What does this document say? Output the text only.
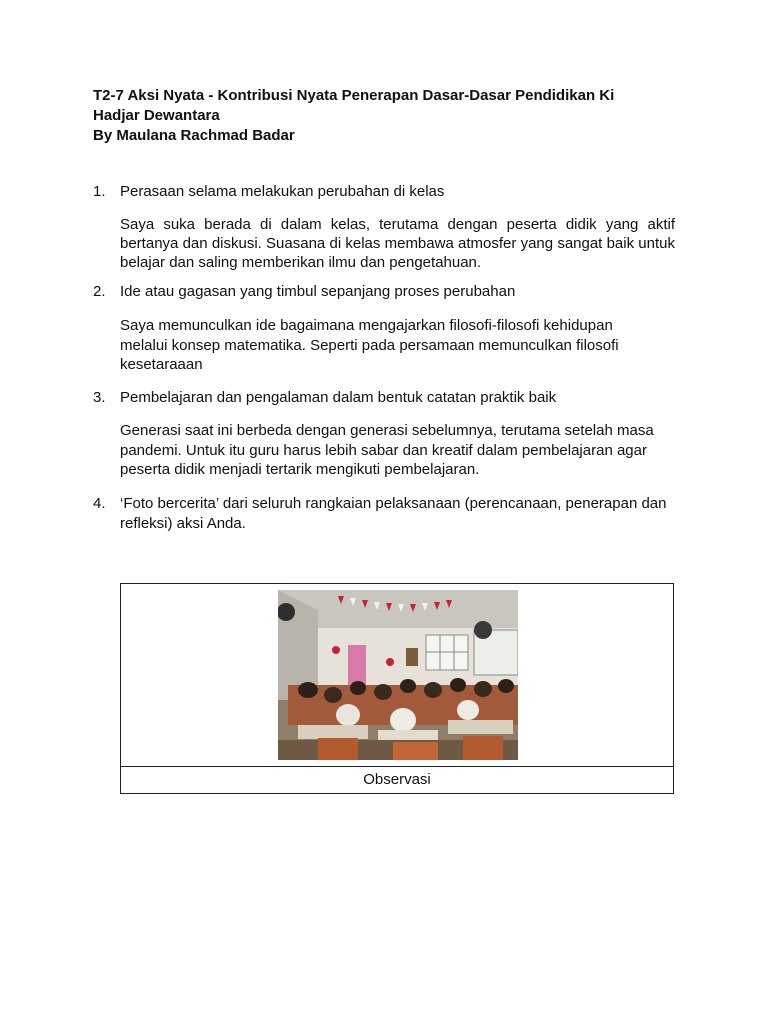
T2-7 Aksi Nyata - Kontribusi Nyata Penerapan Dasar-Dasar Pendidikan Ki
Hadjar Dewantara
By Maulana Rachmad Badar
1. Perasaan selama melakukan perubahan di kelas
Saya suka berada di dalam kelas, terutama dengan peserta didik yang aktif bertanya dan diskusi. Suasana di kelas membawa atmosfer yang sangat baik untuk belajar dan saling memberikan ilmu dan pengetahuan.
2. Ide atau gagasan yang timbul sepanjang proses perubahan
Saya memunculkan ide bagaimana mengajarkan filosofi-filosofi kehidupan melalui konsep matematika. Seperti pada persamaan memunculkan filosofi kesetaraaan
3. Pembelajaran dan pengalaman dalam bentuk catatan praktik baik
Generasi saat ini berbeda dengan generasi sebelumnya, terutama setelah masa pandemi. Untuk itu guru harus lebih sabar dan kreatif dalam pembelajaran agar peserta didik menjadi tertarik mengikuti pembelajaran.
4. ‘Foto bercerita’ dari seluruh rangkaian pelaksanaan (perencanaan, penerapan dan refleksi) aksi Anda.
Observasi
